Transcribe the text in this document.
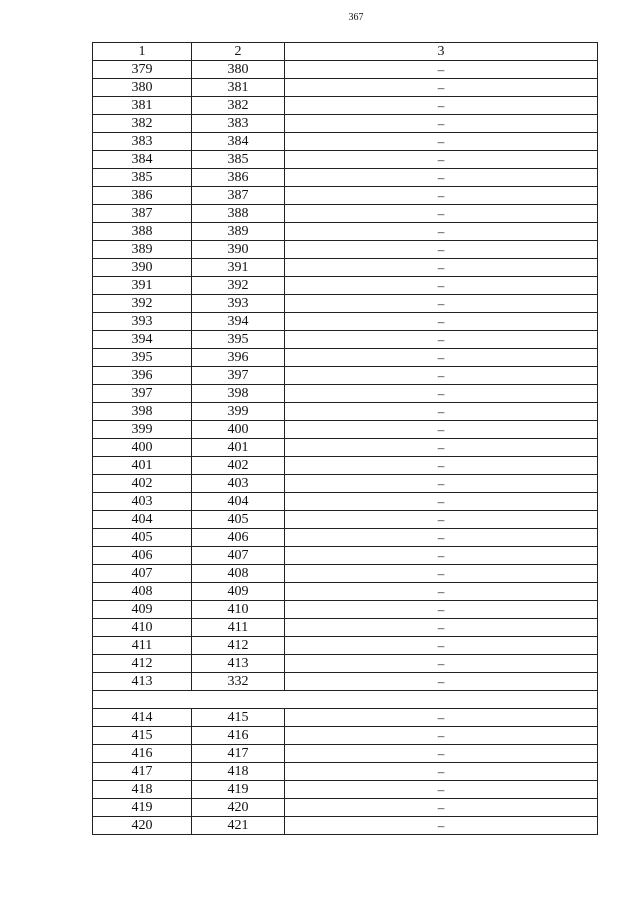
367
1	2	3
379	380	–
380	381	–
381	382	–
382	383	–
383	384	–
384	385	–
385	386	–
386	387	–
387	388	–
388	389	–
389	390	–
390	391	–
391	392	–
392	393	–
393	394	–
394	395	–
395	396	–
396	397	–
397	398	–
398	399	–
399	400	–
400	401	–
401	402	–
402	403	–
403	404	–
404	405	–
405	406	–
406	407	–
407	408	–
408	409	–
409	410	–
410	411	–
411	412	–
412	413	–
413	332	–

414	415	–
415	416	–
416	417	–
417	418	–
418	419	–
419	420	–
420	421	–
